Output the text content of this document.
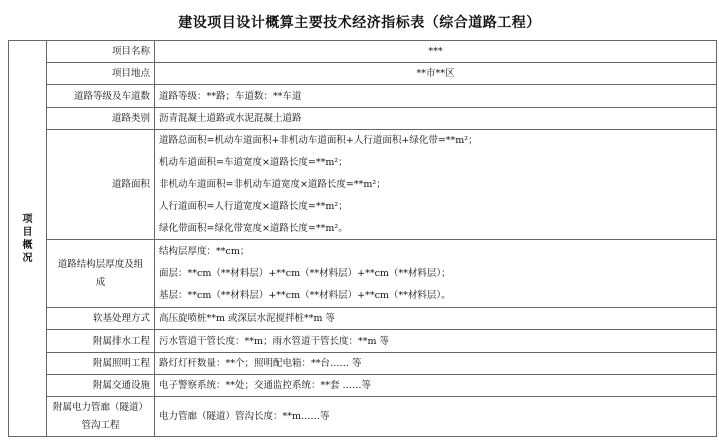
建设项目设计概算主要技术经济指标表（综合道路工程）
项目概况	项目名称	***
	项目地点	**市**区
	道路等级及车道数	道路等级：**路；车道数：**车道
	道路类别	沥青混凝土道路或水泥混凝土道路
	道路面积	道路总面积=机动车道面积+非机动车道面积+人行道面积+绿化带=**m²；
机动车道面积=车道宽度×道路长度=**m²；
非机动车道面积=非机动车道宽度×道路长度=**m²；
人行道面积=人行道宽度×道路长度=**m²；
绿化带面积=绿化带宽度×道路长度=**m²。

	道路结构层厚度及组成	结构层厚度：**cm；
面层：**cm（**材料层）+**cm（**材料层）+**cm（**材料层）；
基层：**cm（**材料层）+**cm（**材料层）+**cm（**材料层）。

	软基处理方式	高压旋喷桩**m 或深层水泥搅拌桩**m 等
	附属排水工程	污水管道干管长度：**m；雨水管道干管长度：**m 等
	附属照明工程	路灯灯杆数量：**个；照明配电箱：**台…… 等
	附属交通设施	电子警察系统：**处；交通监控系统：**套 ……等
	附属电力管廊（隧道）管沟工程	电力管廊（隧道）管沟长度：**m……等
